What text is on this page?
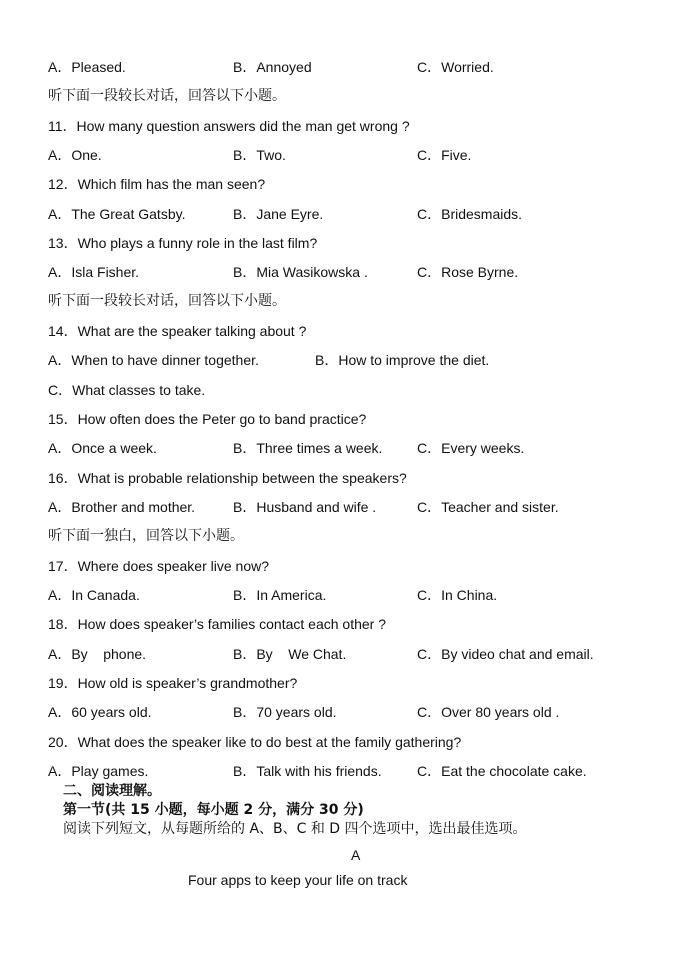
A．Pleased.	B．Annoyed	C．Worried.
听下面一段较长对话，回答以下小题。
11．How many question answers did the man get wrong ?
A．One.	B．Two.	C．Five.
12．Which film has the man seen?
A．The Great Gatsby.	B．Jane Eyre.	C．Bridesmaids.
13．Who plays a funny role in the last film?
A．Isla Fisher.	B．Mia Wasikowska .	C．Rose Byrne.
听下面一段较长对话，回答以下小题。
14．What are the speaker talking about ?
A．When to have dinner together.	B．How to improve the diet.
C．What classes to take.
15．How often does the Peter go to band practice?
A．Once a week.	B．Three times a week. C．Every weeks.
16．What is probable relationship between the speakers?
A．Brother and mother.	B．Husband and wife .	C．Teacher and sister.
听下面一独白，回答以下小题。
17．Where does speaker live now?
A．In Canada.	B．In America.	C．In China.
18．How does speaker’s families contact each other ?
A．By    phone.	B．By    We Chat.	C．By video chat and email.
19．How old is speaker’s grandmother?
A．60 years old.	B．70 years old.	C．Over 80 years old .
20．What does the speaker like to do best at the family gathering?
A．Play games.	B．Talk with his friends.	C．Eat the chocolate cake.
二、阅读理解。
第一节(共 15 小题，每小题 2 分，满分 30 分)
阅读下列短文，从每题所给的 A、B、C 和 D 四个选项中，选出最佳选项。
A
Four apps to keep your life on track
